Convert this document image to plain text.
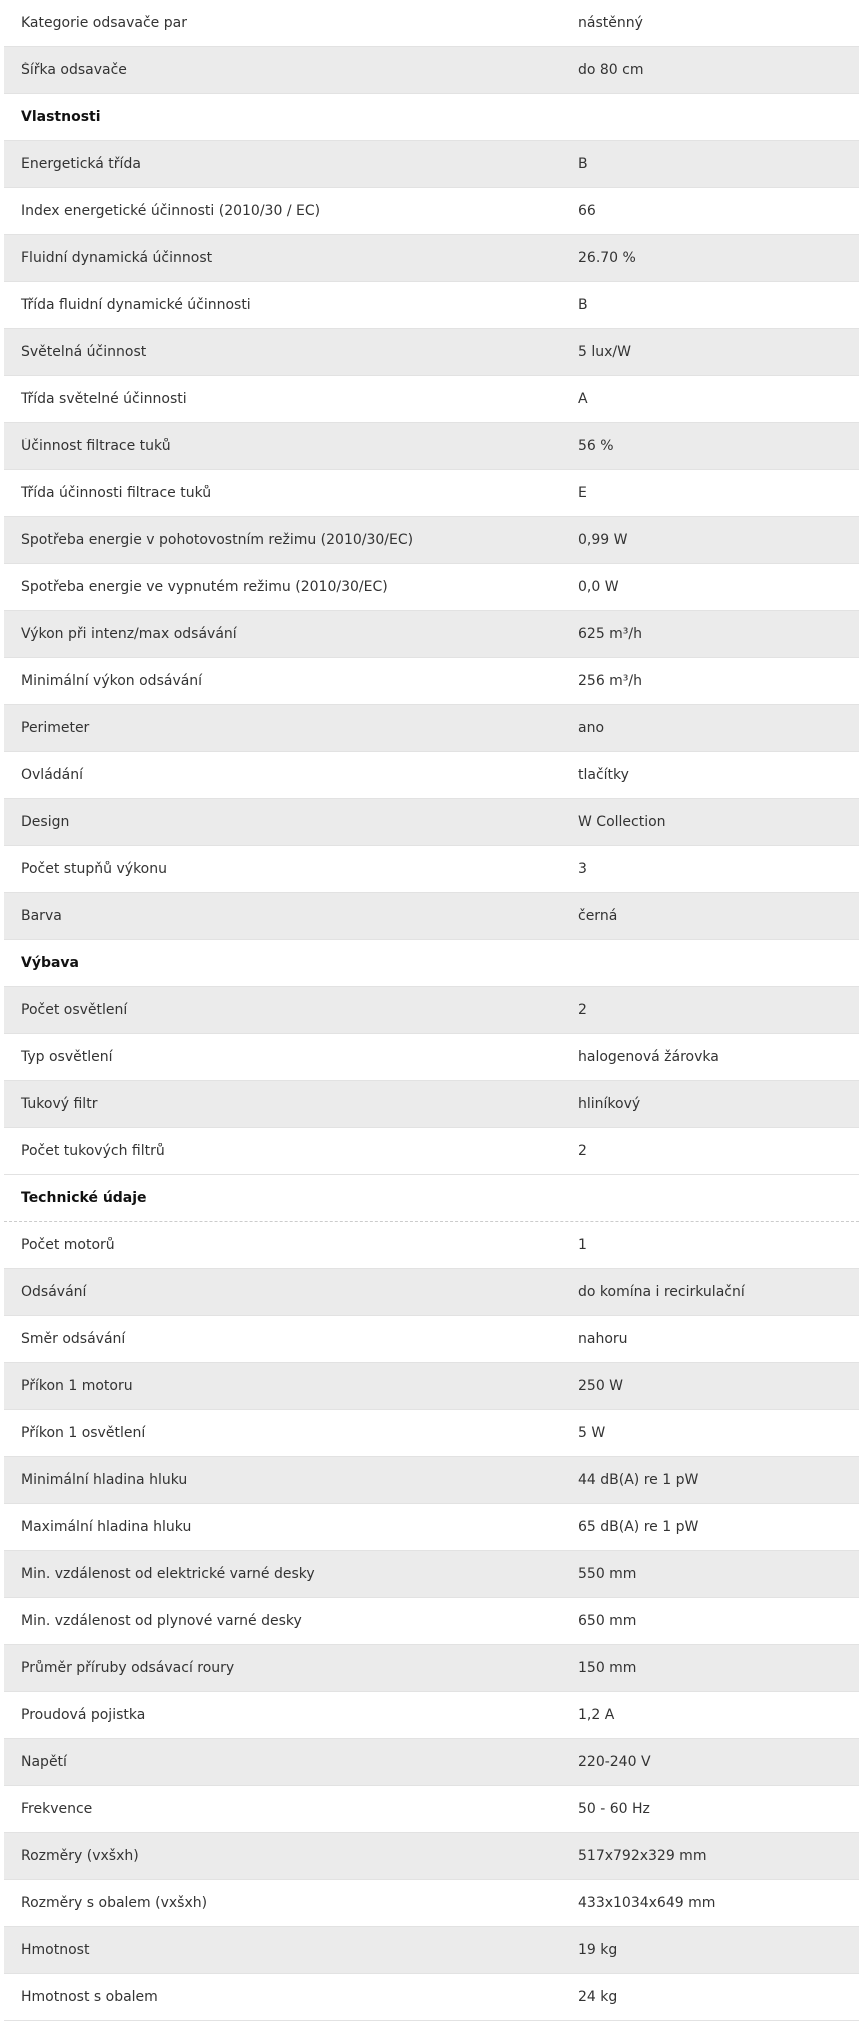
Kategorie odsavače par	nástěnný
Šířka odsavače	do 80 cm
Vlastnosti
Energetická třída	B
Index energetické účinnosti (2010/30 / EC)	66
Fluidní dynamická účinnost	26.70 %
Třída fluidní dynamické účinnosti	B
Světelná účinnost	5 lux/W
Třída světelné účinnosti	A
Účinnost filtrace tuků	56 %
Třída účinnosti filtrace tuků	E
Spotřeba energie v pohotovostním režimu (2010/30/EC)	0,99 W
Spotřeba energie ve vypnutém režimu (2010/30/EC)	0,0 W
Výkon při intenz/max odsávání	625 m³/h
Minimální výkon odsávání	256 m³/h
Perimeter	ano
Ovládání	tlačítky
Design	W Collection
Počet stupňů výkonu	3
Barva	černá
Výbava
Počet osvětlení	2
Typ osvětlení	halogenová žárovka
Tukový filtr	hliníkový
Počet tukových filtrů	2
Technické údaje
Počet motorů	1
Odsávání	do komína i recirkulační
Směr odsávání	nahoru
Příkon 1 motoru	250 W
Příkon 1 osvětlení	5 W
Minimální hladina hluku	44 dB(A) re 1 pW
Maximální hladina hluku	65 dB(A) re 1 pW
Min. vzdálenost od elektrické varné desky	550 mm
Min. vzdálenost od plynové varné desky	650 mm
Průměr příruby odsávací roury	150 mm
Proudová pojistka	1,2 A
Napětí	220-240 V
Frekvence	50 - 60 Hz
Rozměry (vxšxh)	517x792x329 mm
Rozměry s obalem (vxšxh)	433x1034x649 mm
Hmotnost	19 kg
Hmotnost s obalem	24 kg
